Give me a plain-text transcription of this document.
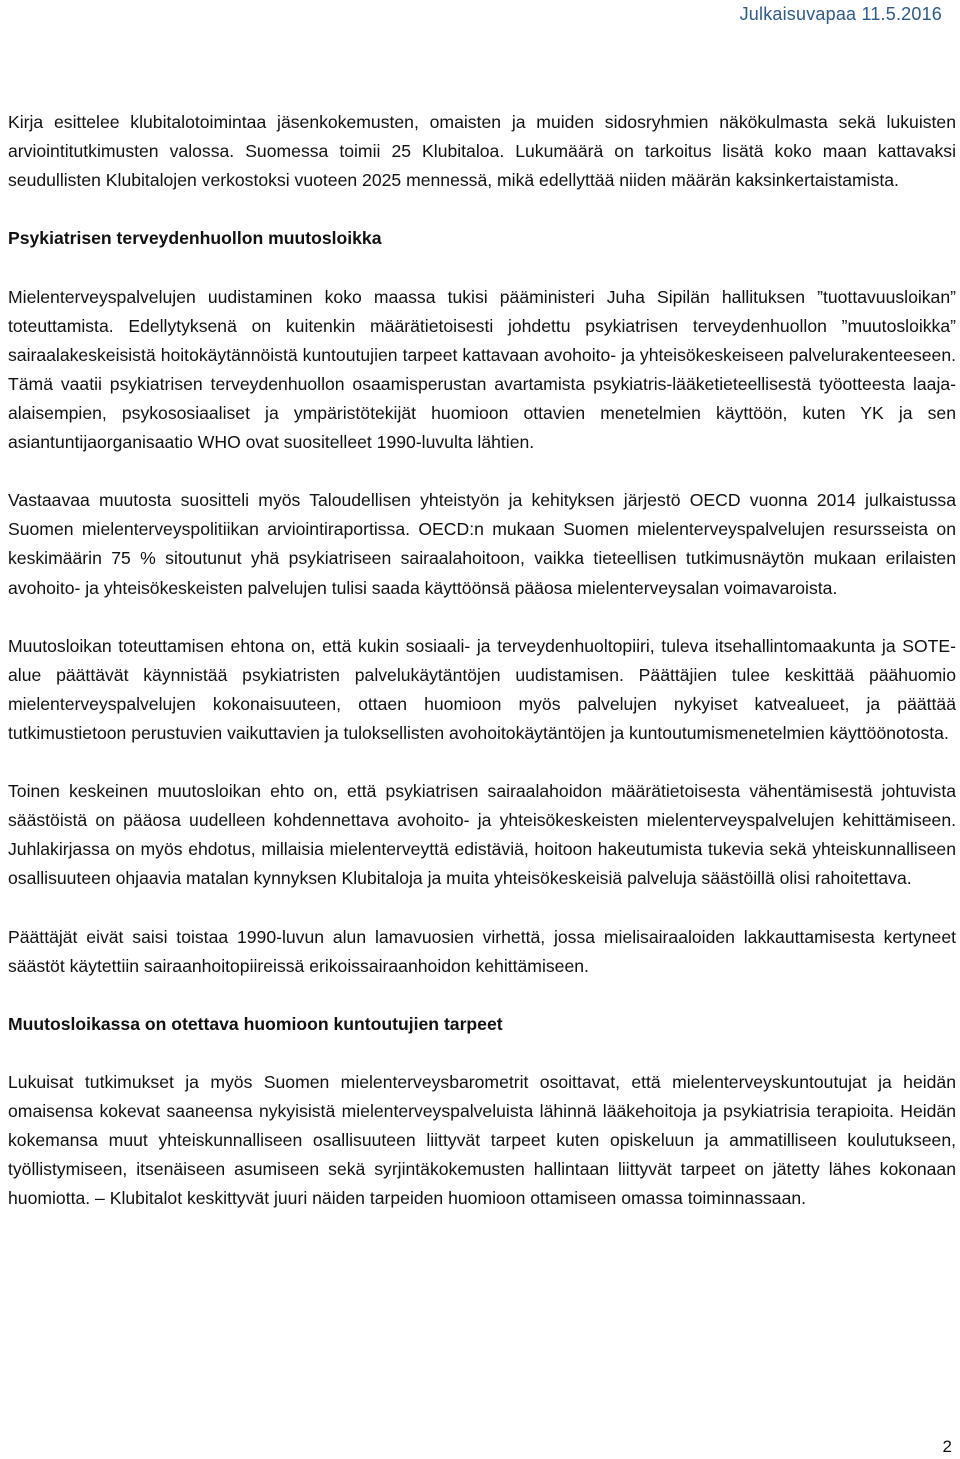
Julkaisuvapaa 11.5.2016

Kirja esittelee klubitalotoimintaa jäsenkokemusten, omaisten ja muiden sidosryhmien näkökulmasta sekä lukuisten arviointitutkimusten valossa. Suomessa toimii 25 Klubitaloa. Lukumäärä on tarkoitus lisätä koko maan kattavaksi seudullisten Klubitalojen verkostoksi vuoteen 2025 mennessä, mikä edellyttää niiden määrän kaksinkertaistamista.

Psykiatrisen terveydenhuollon muutosloikka

Mielenterveyspalvelujen uudistaminen koko maassa tukisi pääministeri Juha Sipilän hallituksen ”tuottavuusloikan” toteuttamista. Edellytyksenä on kuitenkin määrätietoisesti johdettu psykiatrisen terveydenhuollon ”muutosloikka” sairaalakeskeisistä hoitokäytännöistä kuntoutujien tarpeet kattavaan avohoito- ja yhteisökeskeiseen palvelurakenteeseen. Tämä vaatii psykiatrisen terveydenhuollon osaamisperustan avartamista psykiatris-lääketieteellisestä työotteesta laaja-alaisempien, psykososiaaliset ja ympäristötekijät huomioon ottavien menetelmien käyttöön, kuten YK ja sen asiantuntijaorganisaatio WHO ovat suositelleet 1990-luvulta lähtien.

Vastaavaa muutosta suositteli myös Taloudellisen yhteistyön ja kehityksen järjestö OECD vuonna 2014 julkaistussa Suomen mielenterveyspolitiikan arviointiraportissa. OECD:n mukaan Suomen mielenterveyspalvelujen resursseista on keskimäärin 75 % sitoutunut yhä psykiatriseen sairaalahoitoon, vaikka tieteellisen tutkimusnäytön mukaan erilaisten avohoito- ja yhteisökeskeisten palvelujen tulisi saada käyttöönsä pääosa mielenterveysalan voimavaroista.

Muutosloikan toteuttamisen ehtona on, että kukin sosiaali- ja terveydenhuoltopiiri, tuleva itsehallintomaakunta ja SOTE-alue päättävät käynnistää psykiatristen palvelukäytäntöjen uudistamisen. Päättäjien tulee keskittää päähuomio mielenterveyspalvelujen kokonaisuuteen, ottaen huomioon myös palvelujen nykyiset katvealueet, ja päättää tutkimustietoon perustuvien vaikuttavien ja tuloksellisten avohoitokäytäntöjen ja kuntoutumismenetelmien käyttöönotosta.

Toinen keskeinen muutosloikan ehto on, että psykiatrisen sairaalahoidon määrätietoisesta vähentämisestä johtuvista säästöistä on pääosa uudelleen kohdennettava avohoito- ja yhteisökeskeisten mielenterveyspalvelujen kehittämiseen. Juhlakirjassa on myös ehdotus, millaisia mielenterveyttä edistäviä, hoitoon hakeutumista tukevia sekä yhteiskunnalliseen osallisuuteen ohjaavia matalan kynnyksen Klubitaloja ja muita yhteisökeskeisiä palveluja säästöillä olisi rahoitettava.

Päättäjät eivät saisi toistaa 1990-luvun alun lamavuosien virhettä, jossa mielisairaaloiden lakkauttamisesta kertyneet säästöt käytettiin sairaanhoitopiireissä erikoissairaanhoidon kehittämiseen.

Muutosloikassa on otettava huomioon kuntoutujien tarpeet

Lukuisat tutkimukset ja myös Suomen mielenterveysbarometrit osoittavat, että mielenterveyskuntoutujat ja heidän omaisensa kokevat saaneensa nykyisistä mielenterveyspalveluista lähinnä lääkehoitoja ja psykiatrisia terapioita. Heidän kokemansa muut yhteiskunnalliseen osallisuuteen liittyvät tarpeet kuten opiskeluun ja ammatilliseen koulutukseen, työllistymiseen, itsenäiseen asumiseen sekä syrjintäkokemusten hallintaan liittyvät tarpeet on jätetty lähes kokonaan huomiotta. – Klubitalot keskittyvät juuri näiden tarpeiden huomioon ottamiseen omassa toiminnassaan.

2
